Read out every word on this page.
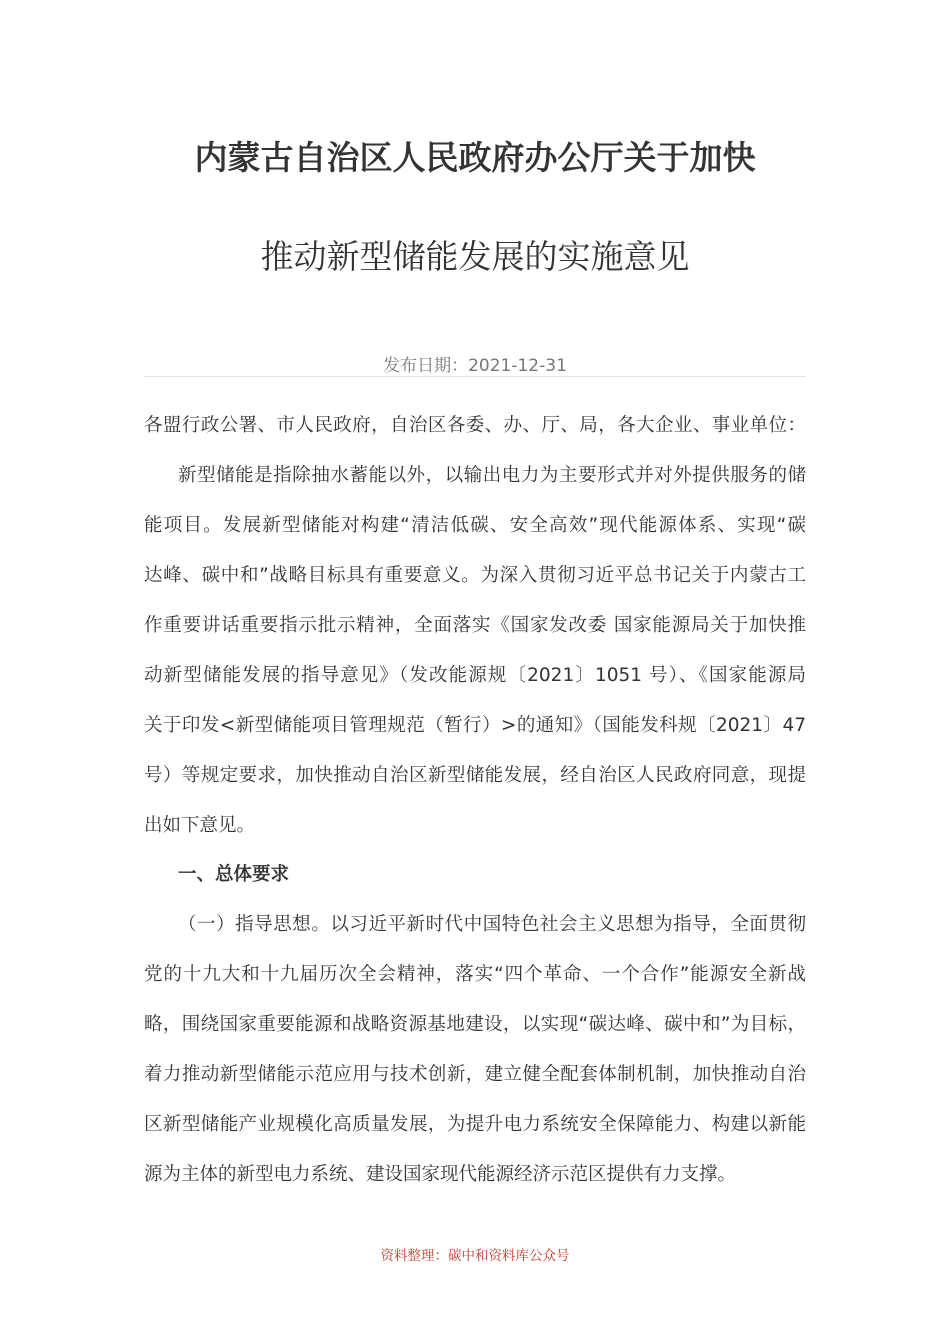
内蒙古自治区人民政府办公厅关于加快
推动新型储能发展的实施意见
发布日期：2021-12-31
各盟行政公署、市人民政府，自治区各委、办、厅、局，各大企业、事业单位：
新型储能是指除抽水蓄能以外，以输出电力为主要形式并对外提供服务的储
能项目。发展新型储能对构建“清洁低碳、安全高效”现代能源体系、实现“碳
达峰、碳中和”战略目标具有重要意义。为深入贯彻习近平总书记关于内蒙古工
作重要讲话重要指示批示精神，全面落实《国家发改委 国家能源局关于加快推
动新型储能发展的指导意见》（发改能源规〔2021〕1051 号）、《国家能源局
关于印发<新型储能项目管理规范（暂行）>的通知》（国能发科规〔2021〕47
号）等规定要求，加快推动自治区新型储能发展，经自治区人民政府同意，现提
出如下意见。
一、总体要求
（一）指导思想。以习近平新时代中国特色社会主义思想为指导，全面贯彻
党的十九大和十九届历次全会精神，落实“四个革命、一个合作”能源安全新战
略，围绕国家重要能源和战略资源基地建设，以实现“碳达峰、碳中和”为目标，
着力推动新型储能示范应用与技术创新，建立健全配套体制机制，加快推动自治
区新型储能产业规模化高质量发展，为提升电力系统安全保障能力、构建以新能
源为主体的新型电力系统、建设国家现代能源经济示范区提供有力支撑。
资料整理：碳中和资料库公众号
